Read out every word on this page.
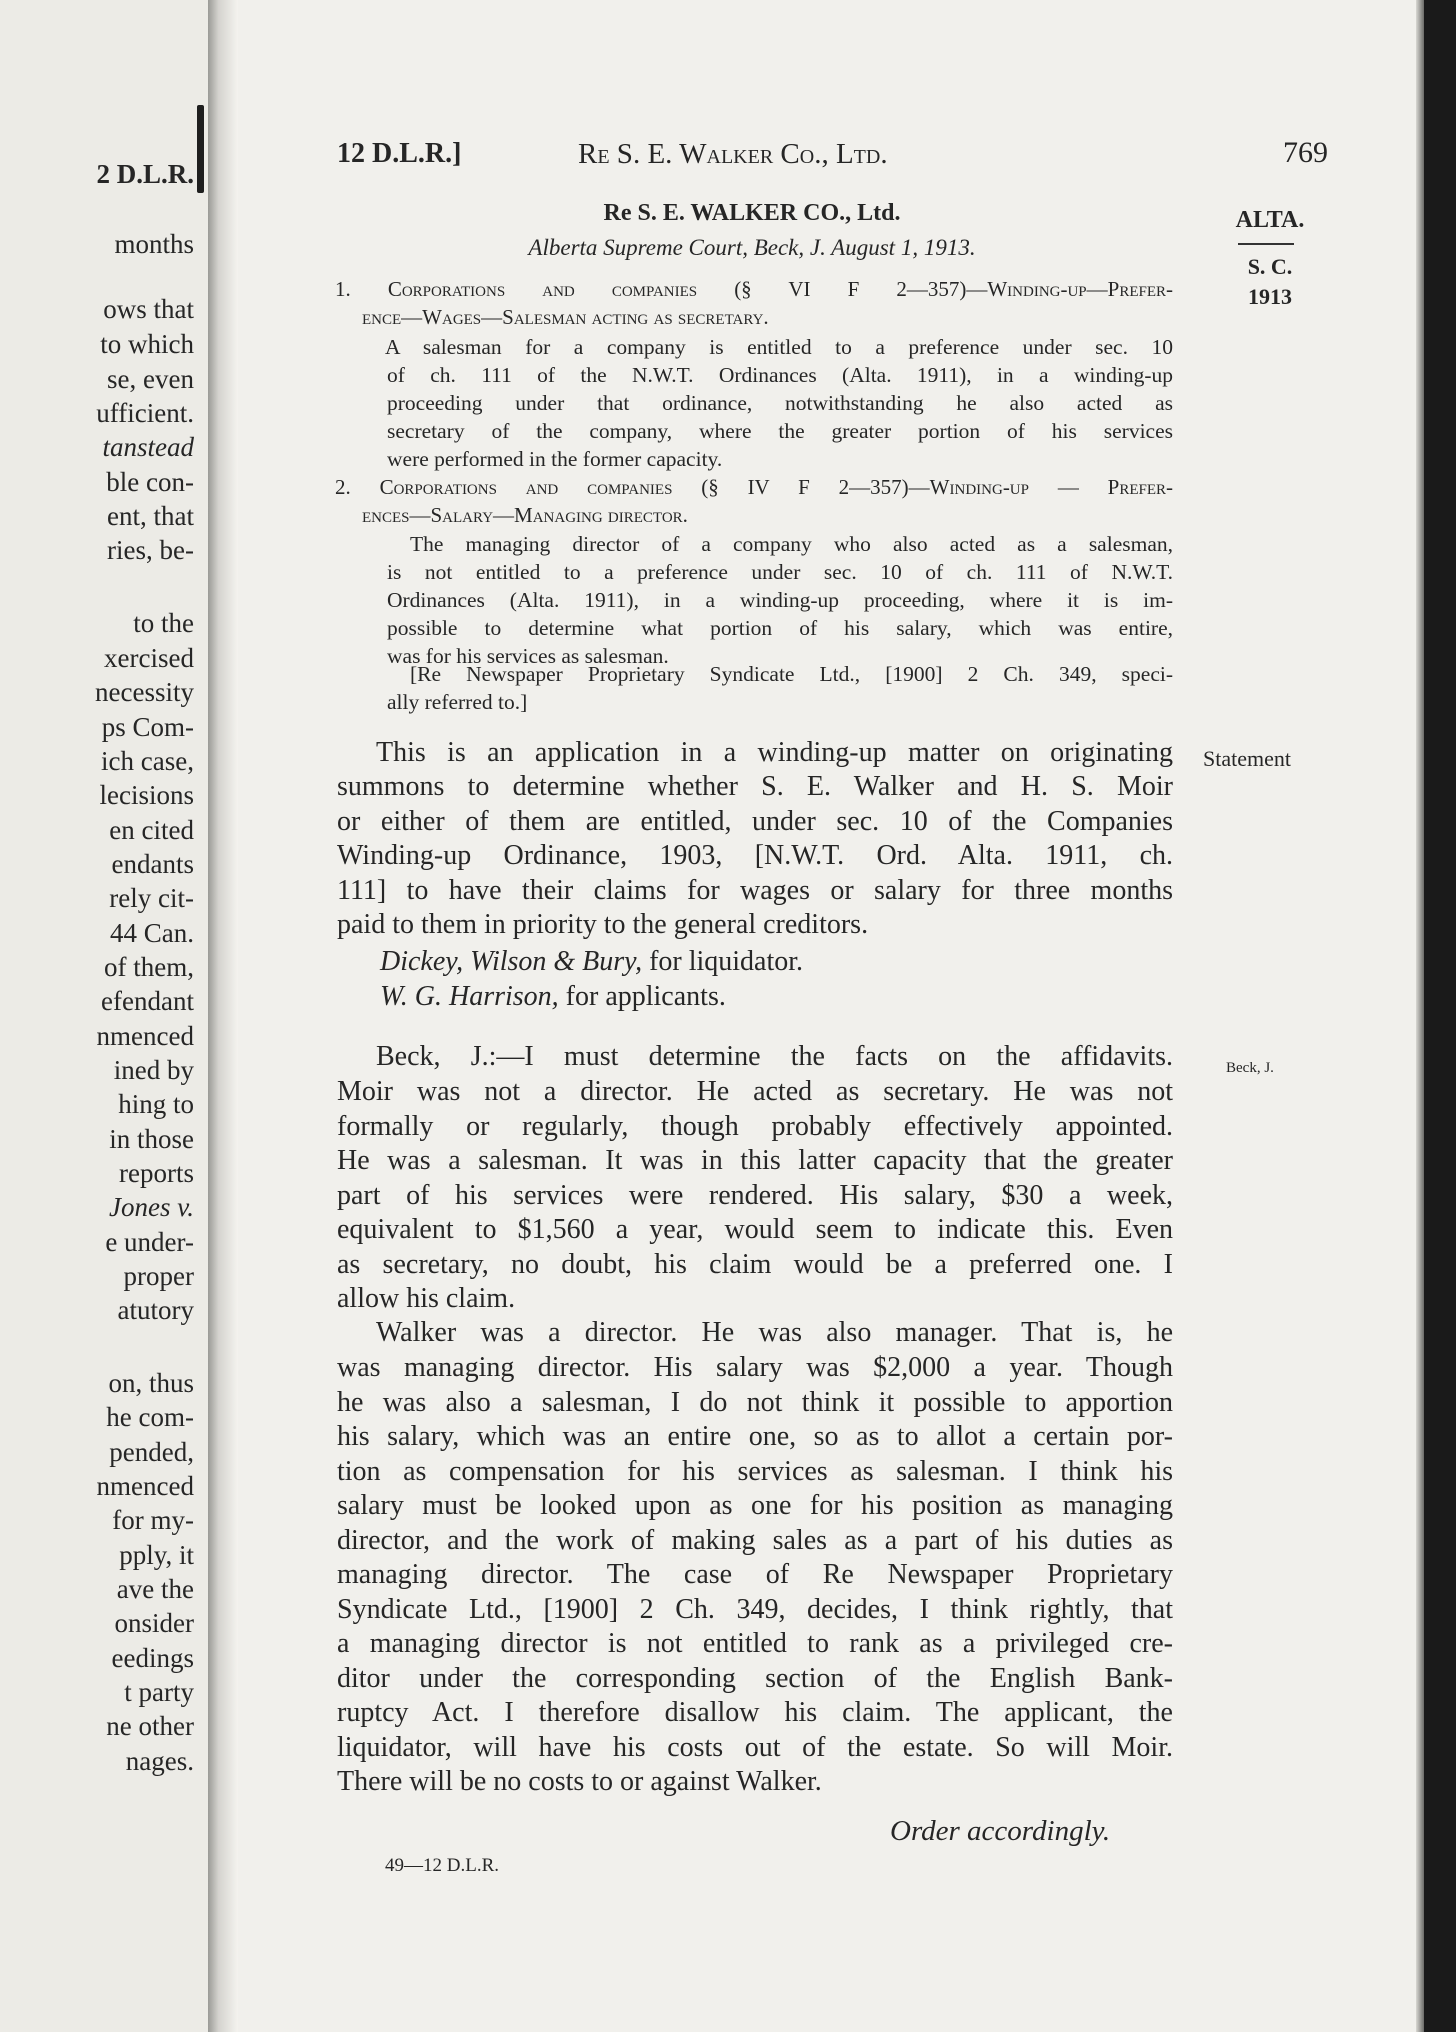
2 D.L.R.
months
ows that
to which
se, even
ufficient.
tanstead
ble con-
ent, that
ries, be-
to the
xercised
necessity
ps Com-
ich case,
lecisions
en cited
endants
rely cit-
44 Can.
of them,
efendant
nmenced
ined by
hing to
in those
reports
Jones v.
e under-
proper
atutory
on, thus
he com-
pended,
nmenced
for my-
pply, it
ave the
onsider
eedings
t party
ne other
nages.
12 D.L.R.]	Re S. E. Walker Co., Ltd.	769
ALTA.
S. C.
1913
Statement
Beck, J.
Re S. E. WALKER CO., Ltd.
Alberta Supreme Court, Beck, J. August 1, 1913.
1. Corporations and companies (§ VI F 2—357)—Winding-up—Prefer-
ence—Wages—Salesman acting as secretary.
A salesman for a company is entitled to a preference under sec. 10
of ch. 111 of the N.W.T. Ordinances (Alta. 1911), in a winding-up
proceeding under that ordinance, notwithstanding he also acted as
secretary of the company, where the greater portion of his services
were performed in the former capacity.
2. Corporations and companies (§ IV F 2—357)—Winding-up — Prefer-
ences—Salary—Managing director.
The managing director of a company who also acted as a salesman,
is not entitled to a preference under sec. 10 of ch. 111 of N.W.T.
Ordinances (Alta. 1911), in a winding-up proceeding, where it is im-
possible to determine what portion of his salary, which was entire,
was for his services as salesman.
[Re Newspaper Proprietary Syndicate Ltd., [1900] 2 Ch. 349, speci-
ally referred to.]
This is an application in a winding-up matter on originating
summons to determine whether S. E. Walker and H. S. Moir
or either of them are entitled, under sec. 10 of the Companies
Winding-up Ordinance, 1903, [N.W.T. Ord. Alta. 1911, ch.
111] to have their claims for wages or salary for three months
paid to them in priority to the general creditors.
Dickey, Wilson & Bury, for liquidator.
W. G. Harrison, for applicants.
Beck, J.:—I must determine the facts on the affidavits.
Moir was not a director. He acted as secretary. He was not
formally or regularly, though probably effectively appointed.
He was a salesman. It was in this latter capacity that the greater
part of his services were rendered. His salary, $30 a week,
equivalent to $1,560 a year, would seem to indicate this. Even
as secretary, no doubt, his claim would be a preferred one. I
allow his claim.
Walker was a director. He was also manager. That is, he
was managing director. His salary was $2,000 a year. Though
he was also a salesman, I do not think it possible to apportion
his salary, which was an entire one, so as to allot a certain por-
tion as compensation for his services as salesman. I think his
salary must be looked upon as one for his position as managing
director, and the work of making sales as a part of his duties as
managing director. The case of Re Newspaper Proprietary
Syndicate Ltd., [1900] 2 Ch. 349, decides, I think rightly, that
a managing director is not entitled to rank as a privileged cre-
ditor under the corresponding section of the English Bank-
ruptcy Act. I therefore disallow his claim. The applicant, the
liquidator, will have his costs out of the estate. So will Moir.
There will be no costs to or against Walker.
Order accordingly.
49—12 D.L.R.
